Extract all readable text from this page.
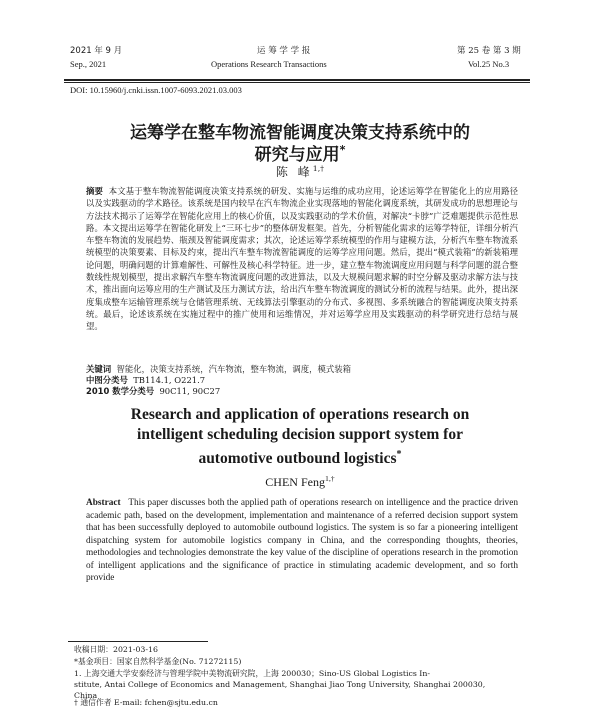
2021 年 9 月
Sep., 2021
运 筹 学 学 报
Operations Research Transactions
第 25 卷 第 3 期
Vol.25 No.3
DOI: 10.15960/j.cnki.issn.1007-6093.2021.03.003
运筹学在整车物流智能调度决策支持系统中的
研究与应用*
陈 峰$^{1,\dagger}$
摘要 本文基于整车物流智能调度决策支持系统的研发、实施与运维的成功应用，论述运筹学在智能化上的应用路径以及实践驱动的学术路径。该系统是国内较早在汽车物流企业实现落地的智能化调度系统，其研发成功的思想理论与方法技术揭示了运筹学在智能化应用上的核心价值，以及实践驱动的学术价值，对解决“卡脖”广泛难题提供示范性思路。本文提出运筹学在智能化研发上“三环七步”的整体研发框架。首先，分析智能化需求的运筹学特征，详细分析汽车整车物流的发展趋势、瓶颈及智能调度需求；其次，论述运筹学系统模型的作用与建模方法，分析汽车整车物流系统模型的决策要素、目标及约束，提出汽车整车物流智能调度的运筹学应用问题。然后，提出“模式装箱”的新装箱理论问题，明确问题的计算难解性、可解性及核心科学特征。进一步，建立整车物流调度应用问题与科学问题的混合整数线性规划模型，提出求解汽车整车物流调度问题的改进算法，以及大规模问题求解的时空分解及驱动求解方法与技术，推出面向运筹应用的生产测试及压力测试方法，给出汽车整车物流调度的测试分析的流程与结果。此外，提出深度集成整车运输管理系统与仓储管理系统、无线算法引擎驱动的分布式、多视图、多系统融合的智能调度决策支持系统。最后，论述该系统在实施过程中的推广使用和运维情况，并对运筹学应用及实践驱动的科学研究进行总结与展望。
关键词 智能化，决策支持系统，汽车物流，整车物流，调度，模式装箱
中图分类号 TB114.1, O221.7
2010 数学分类号 90C11, 90C27
Research and application of operations research on
intelligent scheduling decision support system for
automotive outbound logistics*
CHEN Feng$^{1,\dagger}$
Abstract This paper discusses both the applied path of operations research on intelligence and the practice driven academic path, based on the development, implementation and maintenance of a referred decision support system that has been successfully deployed to automobile outbound logistics. The system is so far a pioneering intelligent dispatching system for automobile logistics company in China, and the corresponding thoughts, theories, methodologies and technologies demonstrate the key value of the discipline of operations research in the promotion of intelligent applications and the significance of practice in stimulating academic development, and so forth provide
收稿日期：2021-03-16
*基金项目：国家自然科学基金(No. 71272115)
1. 上海交通大学安泰经济与管理学院中美物流研究院，上海 200030；Sino-US Global Logistics In-
stitute, Antai College of Economics and Management, Shanghai Jiao Tong University, Shanghai 200030,
China
† 通信作者 E-mail: fchen@sjtu.edu.cn
